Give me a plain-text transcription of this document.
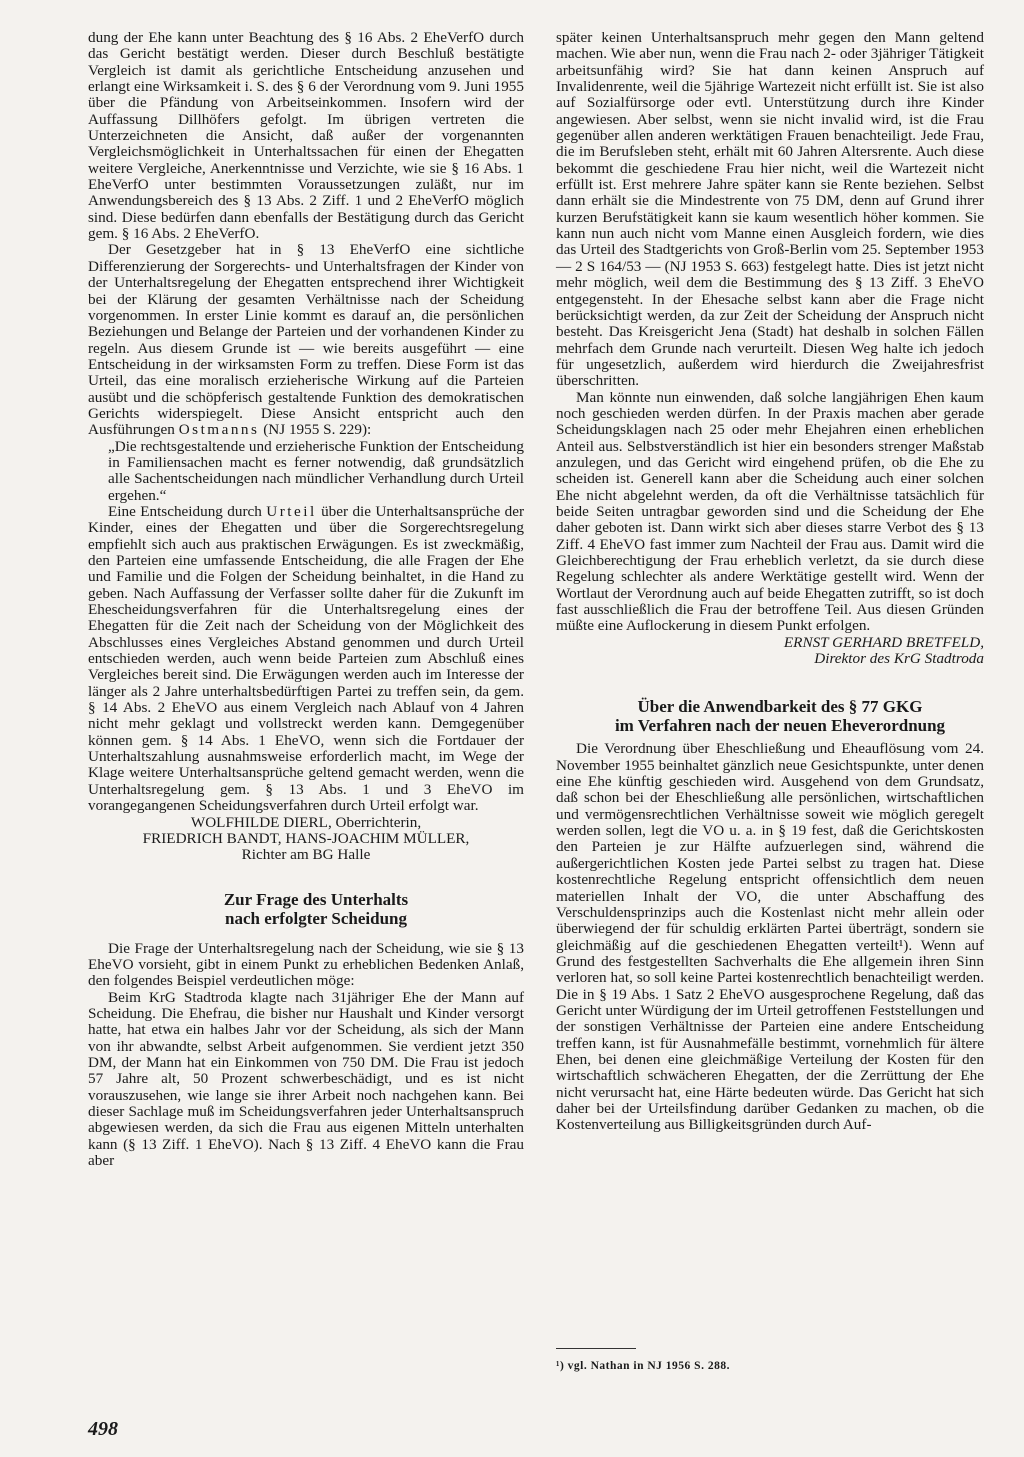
dung der Ehe kann unter Beachtung des § 16 Abs. 2 EheVerfO durch das Gericht bestätigt werden. Dieser durch Beschluß bestätigte Vergleich ist damit als gerichtliche Entscheidung anzusehen und erlangt eine Wirksamkeit i. S. des § 6 der Verordnung vom 9. Juni 1955 über die Pfändung von Arbeitseinkommen. Insofern wird der Auffassung Dillhöfers gefolgt. Im übrigen vertreten die Unterzeichneten die Ansicht, daß außer der vorgenannten Vergleichsmöglichkeit in Unterhaltssachen für einen der Ehegatten weitere Vergleiche, Anerkenntnisse und Verzichte, wie sie § 16 Abs. 1 EheVerfO unter bestimmten Voraussetzungen zuläßt, nur im Anwendungsbereich des § 13 Abs. 2 Ziff. 1 und 2 EheVerfO möglich sind. Diese bedürfen dann ebenfalls der Bestätigung durch das Gericht gem. § 16 Abs. 2 EheVerfO.

Der Gesetzgeber hat in § 13 EheVerfO eine sichtliche Differenzierung der Sorgerechts- und Unterhaltsfragen der Kinder von der Unterhaltsregelung der Ehegatten entsprechend ihrer Wichtigkeit bei der Klärung der gesamten Verhältnisse nach der Scheidung vorgenommen. In erster Linie kommt es darauf an, die persönlichen Beziehungen und Belange der Parteien und der vorhandenen Kinder zu regeln. Aus diesem Grunde ist — wie bereits ausgeführt — eine Entscheidung in der wirksamsten Form zu treffen. Diese Form ist das Urteil, das eine moralisch erzieherische Wirkung auf die Parteien ausübt und die schöpferisch gestaltende Funktion des demokratischen Gerichts widerspiegelt. Diese Ansicht entspricht auch den Ausführungen Ostmanns (NJ 1955 S. 229):

„Die rechtsgestaltende und erzieherische Funktion der Entscheidung in Familiensachen macht es ferner notwendig, daß grundsätzlich alle Sachentscheidungen nach mündlicher Verhandlung durch Urteil ergehen.“

Eine Entscheidung durch Urteil über die Unterhaltsansprüche der Kinder, eines der Ehegatten und über die Sorgerechtsregelung empfiehlt sich auch aus praktischen Erwägungen. Es ist zweckmäßig, den Parteien eine umfassende Entscheidung, die alle Fragen der Ehe und Familie und die Folgen der Scheidung beinhaltet, in die Hand zu geben. Nach Auffassung der Verfasser sollte daher für die Zukunft im Ehescheidungsverfahren für die Unterhaltsregelung eines der Ehegatten für die Zeit nach der Scheidung von der Möglichkeit des Abschlusses eines Vergleiches Abstand genommen und durch Urteil entschieden werden, auch wenn beide Parteien zum Abschluß eines Vergleiches bereit sind. Die Erwägungen werden auch im Interesse der länger als 2 Jahre unterhaltsbedürftigen Partei zu treffen sein, da gem. § 14 Abs. 2 EheVO aus einem Vergleich nach Ablauf von 4 Jahren nicht mehr geklagt und vollstreckt werden kann. Demgegenüber können gem. § 14 Abs. 1 EheVO, wenn sich die Fortdauer der Unterhaltszahlung ausnahmsweise erforderlich macht, im Wege der Klage weitere Unterhaltsansprüche geltend gemacht werden, wenn die Unterhaltsregelung gem. § 13 Abs. 1 und 3 EheVO im vorangegangenen Scheidungsverfahren durch Urteil erfolgt war.

WOLFHILDE DIERL, Oberrichterin,

FRIEDRICH BANDT, HANS-JOACHIM MÜLLER,

Richter am BG Halle

Zur Frage des Unterhalts

nach erfolgter Scheidung

Die Frage der Unterhaltsregelung nach der Scheidung, wie sie § 13 EheVO vorsieht, gibt in einem Punkt zu erheblichen Bedenken Anlaß, den folgendes Beispiel verdeutlichen möge:

Beim KrG Stadtroda klagte nach 31jähriger Ehe der Mann auf Scheidung. Die Ehefrau, die bisher nur Haushalt und Kinder versorgt hatte, hat etwa ein halbes Jahr vor der Scheidung, als sich der Mann von ihr abwandte, selbst Arbeit aufgenommen. Sie verdient jetzt 350 DM, der Mann hat ein Einkommen von 750 DM. Die Frau ist jedoch 57 Jahre alt, 50 Prozent schwerbeschädigt, und es ist nicht vorauszusehen, wie lange sie ihrer Arbeit noch nachgehen kann. Bei dieser Sachlage muß im Scheidungsverfahren jeder Unterhaltsanspruch abgewiesen werden, da sich die Frau aus eigenen Mitteln unterhalten kann (§ 13 Ziff. 1 EheVO). Nach § 13 Ziff. 4 EheVO kann die Frau aber

später keinen Unterhaltsanspruch mehr gegen den Mann geltend machen. Wie aber nun, wenn die Frau nach 2- oder 3jähriger Tätigkeit arbeitsunfähig wird? Sie hat dann keinen Anspruch auf Invalidenrente, weil die 5jährige Wartezeit nicht erfüllt ist. Sie ist also auf Sozialfürsorge oder evtl. Unterstützung durch ihre Kinder angewiesen. Aber selbst, wenn sie nicht invalid wird, ist die Frau gegenüber allen anderen werktätigen Frauen benachteiligt. Jede Frau, die im Berufsleben steht, erhält mit 60 Jahren Altersrente. Auch diese bekommt die geschiedene Frau hier nicht, weil die Wartezeit nicht erfüllt ist. Erst mehrere Jahre später kann sie Rente beziehen. Selbst dann erhält sie die Mindestrente von 75 DM, denn auf Grund ihrer kurzen Berufstätigkeit kann sie kaum wesentlich höher kommen. Sie kann nun auch nicht vom Manne einen Ausgleich fordern, wie dies das Urteil des Stadtgerichts von Groß-Berlin vom 25. September 1953 — 2 S 164/53 — (NJ 1953 S. 663) festgelegt hatte. Dies ist jetzt nicht mehr möglich, weil dem die Bestimmung des § 13 Ziff. 3 EheVO entgegensteht. In der Ehesache selbst kann aber die Frage nicht berücksichtigt werden, da zur Zeit der Scheidung der Anspruch nicht besteht. Das Kreisgericht Jena (Stadt) hat deshalb in solchen Fällen mehrfach dem Grunde nach verurteilt. Diesen Weg halte ich jedoch für ungesetzlich, außerdem wird hierdurch die Zweijahresfrist überschritten.

Man könnte nun einwenden, daß solche langjährigen Ehen kaum noch geschieden werden dürfen. In der Praxis machen aber gerade Scheidungsklagen nach 25 oder mehr Ehejahren einen erheblichen Anteil aus. Selbstverständlich ist hier ein besonders strenger Maßstab anzulegen, und das Gericht wird eingehend prüfen, ob die Ehe zu scheiden ist. Generell kann aber die Scheidung auch einer solchen Ehe nicht abgelehnt werden, da oft die Verhältnisse tatsächlich für beide Seiten untragbar geworden sind und die Scheidung der Ehe daher geboten ist. Dann wirkt sich aber dieses starre Verbot des § 13 Ziff. 4 EheVO fast immer zum Nachteil der Frau aus. Damit wird die Gleichberechtigung der Frau erheblich verletzt, da sie durch diese Regelung schlechter als andere Werktätige gestellt wird. Wenn der Wortlaut der Verordnung auch auf beide Ehegatten zutrifft, so ist doch fast ausschließlich die Frau der betroffene Teil. Aus diesen Gründen müßte eine Auflockerung in diesem Punkt erfolgen.

ERNST GERHARD BRETFELD,

Direktor des KrG Stadtroda

Über die Anwendbarkeit des § 77 GKG

im Verfahren nach der neuen Eheverordnung

Die Verordnung über Eheschließung und Eheauflösung vom 24. November 1955 beinhaltet gänzlich neue Gesichtspunkte, unter denen eine Ehe künftig geschieden wird. Ausgehend von dem Grundsatz, daß schon bei der Eheschließung alle persönlichen, wirtschaftlichen und vermögensrechtlichen Verhältnisse soweit wie möglich geregelt werden sollen, legt die VO u. a. in § 19 fest, daß die Gerichtskosten den Parteien je zur Hälfte aufzuerlegen sind, während die außergerichtlichen Kosten jede Partei selbst zu tragen hat. Diese kostenrechtliche Regelung entspricht offensichtlich dem neuen materiellen Inhalt der VO, die unter Abschaffung des Verschuldensprinzips auch die Kostenlast nicht mehr allein oder überwiegend der für schuldig erklärten Partei überträgt, sondern sie gleichmäßig auf die geschiedenen Ehegatten verteilt¹). Wenn auf Grund des festgestellten Sachverhalts die Ehe allgemein ihren Sinn verloren hat, so soll keine Partei kostenrechtlich benachteiligt werden. Die in § 19 Abs. 1 Satz 2 EheVO ausgesprochene Regelung, daß das Gericht unter Würdigung der im Urteil getroffenen Feststellungen und der sonstigen Verhältnisse der Parteien eine andere Entscheidung treffen kann, ist für Ausnahmefälle bestimmt, vornehmlich für ältere Ehen, bei denen eine gleichmäßige Verteilung der Kosten für den wirtschaftlich schwächeren Ehegatten, der die Zerrüttung der Ehe nicht verursacht hat, eine Härte bedeuten würde. Das Gericht hat sich daher bei der Urteilsfindung darüber Gedanken zu machen, ob die Kostenverteilung aus Billigkeitsgründen durch Auf-

¹) vgl. Nathan in NJ 1956 S. 288.
498
